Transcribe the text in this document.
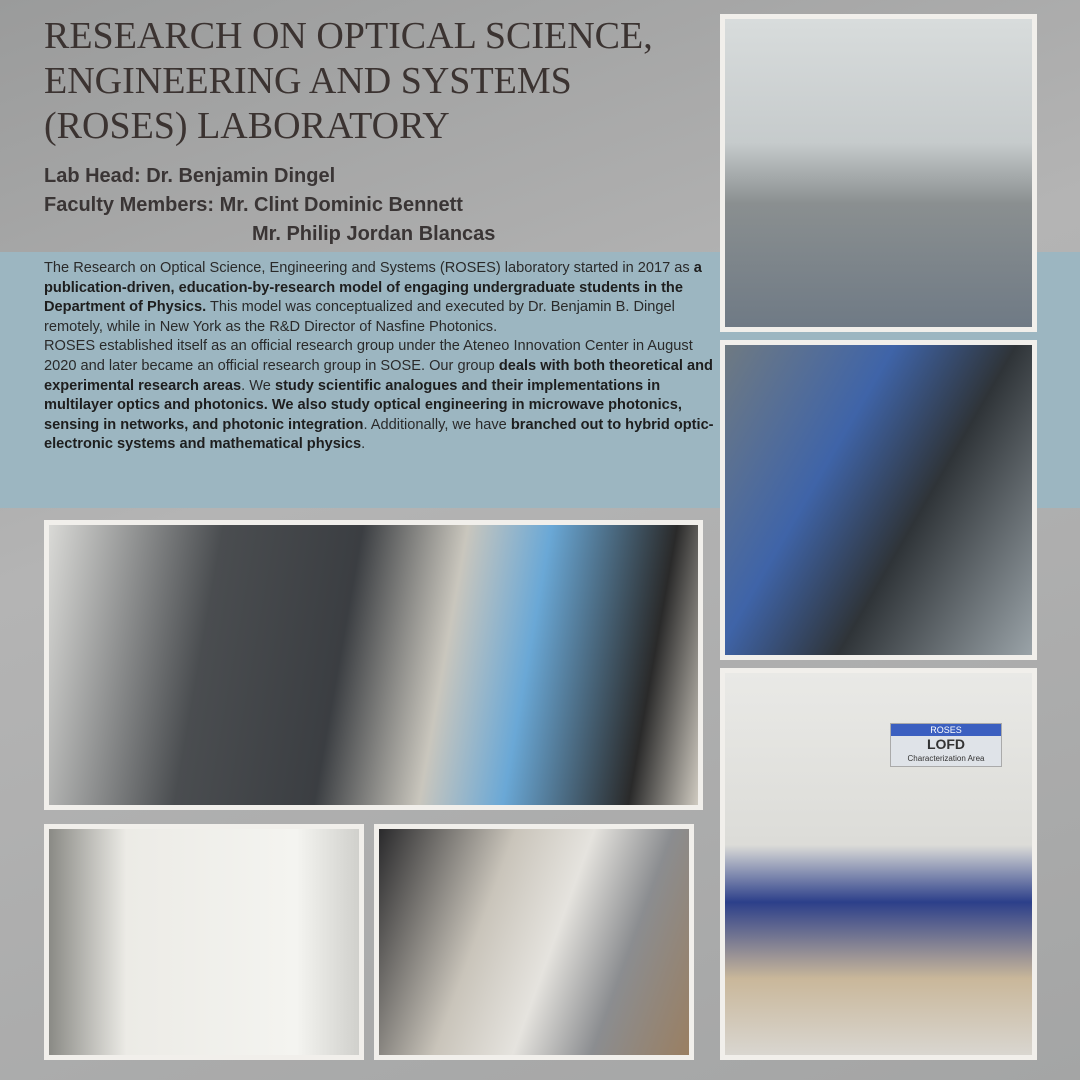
RESEARCH ON OPTICAL SCIENCE, ENGINEERING AND SYSTEMS (ROSES) LABORATORY
Lab Head: Dr. Benjamin Dingel
Faculty Members: Mr. Clint Dominic Bennett
Mr. Philip Jordan Blancas

The Research on Optical Science, Engineering and Systems (ROSES) laboratory started in 2017 as a publication-driven, education-by-research model of engaging undergraduate students in the Department of Physics. This model was conceptualized and executed by Dr. Benjamin B. Dingel remotely, while in New York as the R&D Director of Nasfine Photonics.

ROSES established itself as an official research group under the Ateneo Innovation Center in August 2020 and later became an official research group in SOSE. Our group deals with both theoretical and experimental research areas. We study scientific analogues and their implementations in multilayer optics and photonics. We also study optical engineering in microwave photonics, sensing in networks, and photonic integration. Additionally, we have branched out to hybrid optic-electronic systems and mathematical physics.

ROSES
LOFD
Characterization Area
